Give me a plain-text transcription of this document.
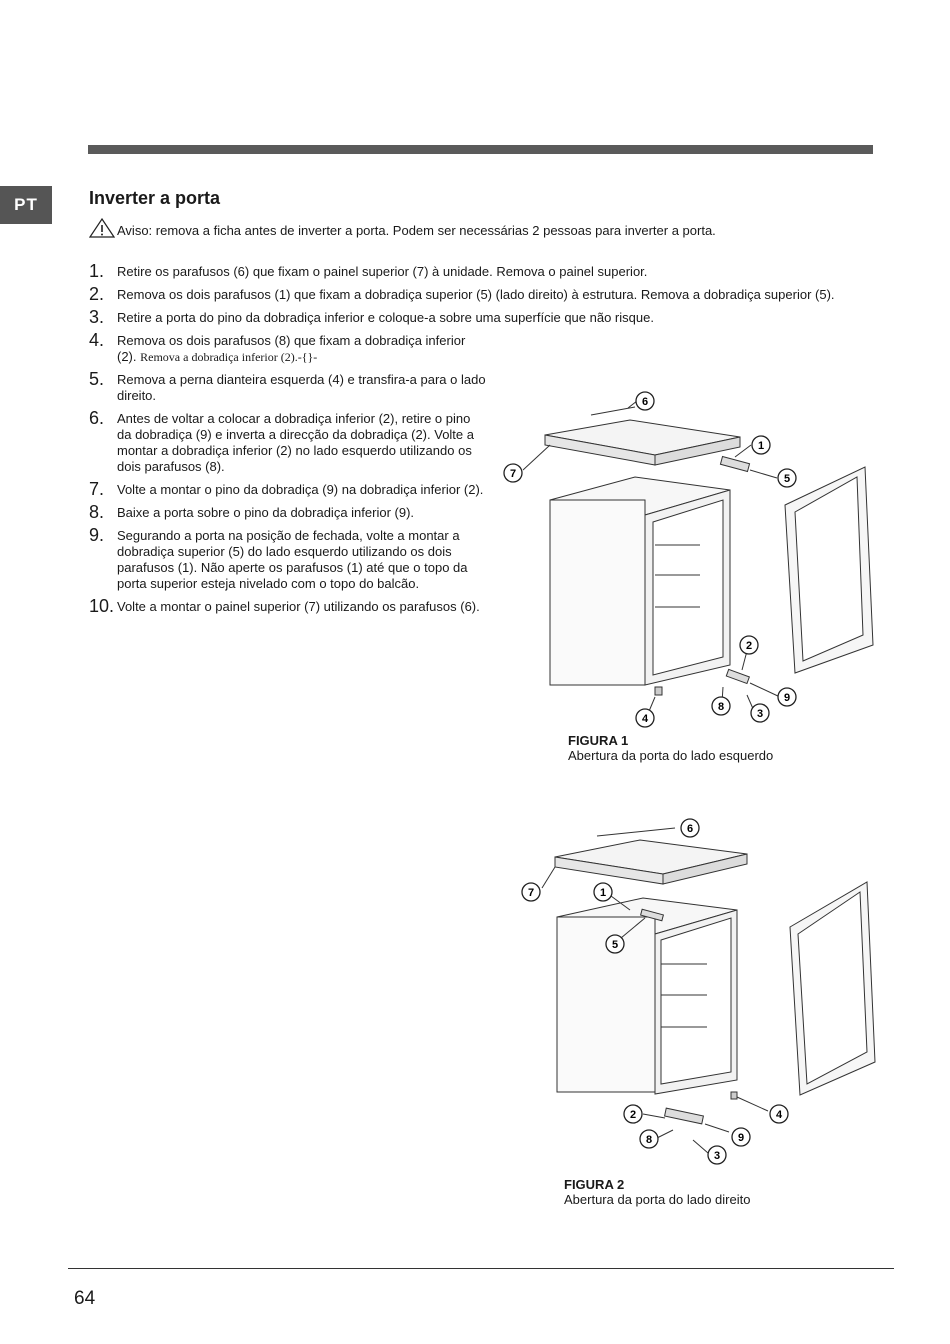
PT	Inverter a porta
Aviso: remova a ficha antes de inverter a porta. Podem ser necessárias 2 pessoas para inverter a porta.
1. Retire os parafusos (6) que fixam o painel superior (7) à unidade. Remova o painel superior.
2. Remova os dois parafusos (1) que fixam a dobradiça superior (5) (lado direito) à estrutura. Remova a dobradiça superior (5).
3. Retire a porta do pino da dobradiça inferior e coloque-a sobre uma superfície que não risque.
4. Remova os dois parafusos (8) que fixam a dobradiça inferior (2). Remova a dobradiça inferior (2).-{}-
5. Remova a perna dianteira esquerda (4) e transfira-a para o lado direito.
6. Antes de voltar a colocar a dobradiça inferior (2), retire o pino da dobradiça (9) e inverta a direcção da dobradiça (2). Volte a montar a dobradiça inferior (2) no lado esquerdo utilizando os dois parafusos (8).
7. Volte a montar o pino da dobradiça (9) na dobradiça inferior (2).
8. Baixe a porta sobre o pino da dobradiça inferior (9).
9. Segurando a porta na posição de fechada, volte a montar a dobradiça superior (5) do lado esquerdo utilizando os dois parafusos (1). Não aperte os parafusos (1) até que o topo da porta superior esteja nivelado com o topo do balcão.
10. Volte a montar o painel superior (7) utilizando os parafusos (6).
6
7
1
5
2
9
3
8
4
FIGURA 1
Abertura da porta do lado esquerdo
6
7	1
5
4
2
9
8
3
FIGURA 2
Abertura da porta do lado direito
64
